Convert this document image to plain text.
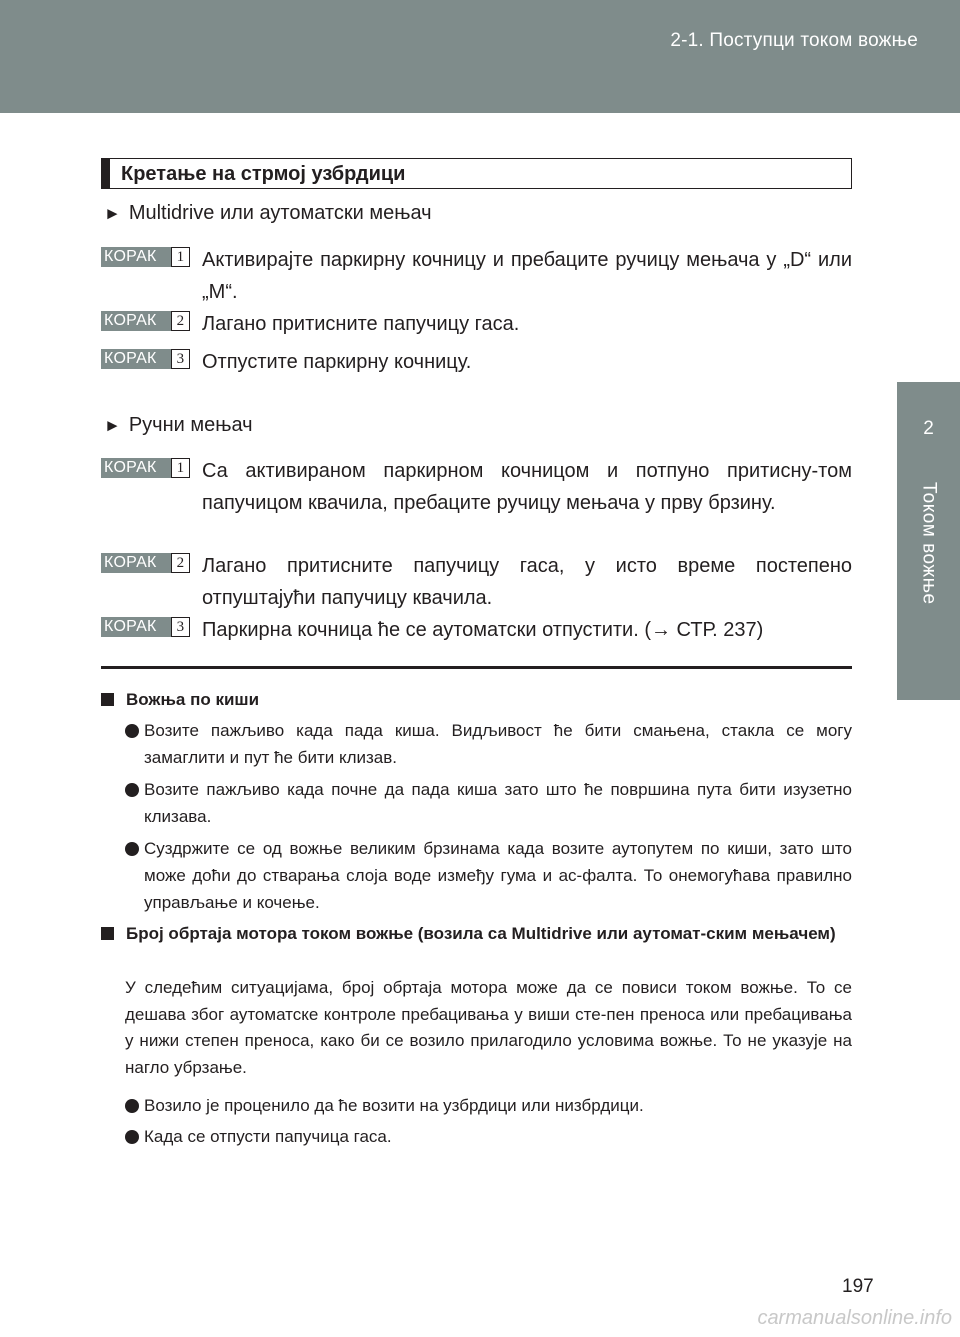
2-1. Поступци током вожње
2
Током вожње
Кретање на стрмој узбрдици
► Multidrive или аутоматски мењач
КОРАК	1 Активирајте паркирну кочницу и пребаците ручицу мењача у „D“ или „M“.
КОРАК	2 Лагано притисните папучицу гаса.
КОРАК	3 Отпустите паркирну кочницу.
► Ручни мењач
КОРАК	1 Са активираном паркирном кочницом и потпуно притисну-том папучицом квачила, пребаците ручицу мењача у прву брзину.
КОРАК	2 Лагано притисните папучицу гаса, у исто време постепено отпуштајући папучицу квачила.
КОРАК	3 Паркирна кочница ће се аутоматски отпустити. (→ СТР. 237)
Вожња по киши
Возите пажљиво када пада киша. Видљивост ће бити смањена, стакла се могу замаглити и пут ће бити клизав.
Возите пажљиво када почне да пада киша зато што ће површина пута бити изузетно клизава.
Суздржите се од вожње великим брзинама када возите аутопутем по киши, зато што може доћи до стварања слоја воде између гума и ас-фалта. То онемогућава правилно управљање и кочење.
Број обртаја мотора током вожње (возила са Multidrive или аутомат-ским мењачем)
У следећим ситуацијама, број обртаја мотора може да се повиси током вожње. То се дешава због аутоматске контроле пребацивања у виши сте-пен преноса или пребацивања у нижи степен преноса, како би се возило прилагодило условима вожње. То не указује на нагло убрзање.
Возило је проценило да ће возити на узбрдици или низбрдици.
Када се отпусти папучица гаса.
197
carmanualsonline.info
